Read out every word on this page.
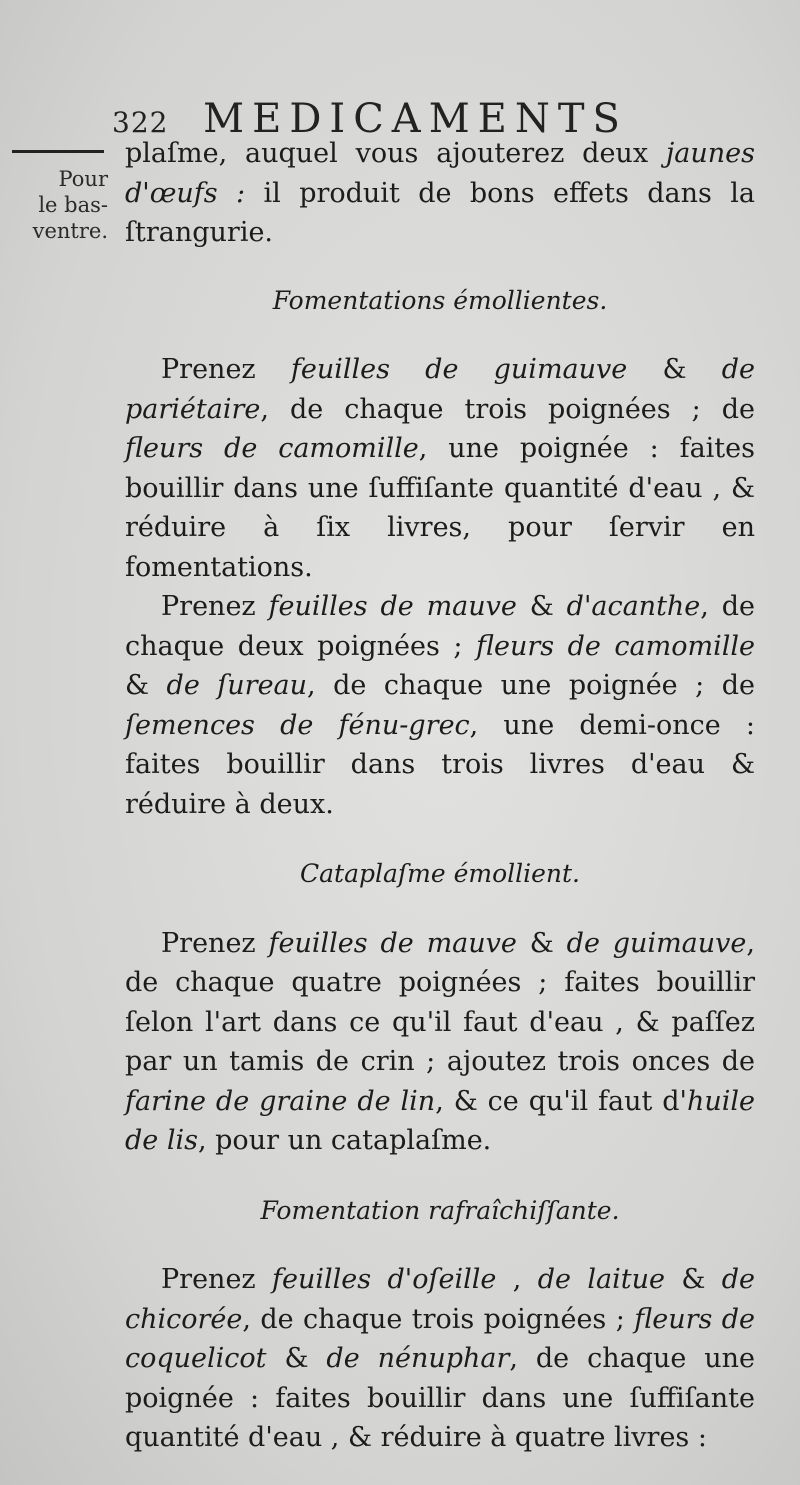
322 MEDICAMENTS
Pour
le bas-
ventre.

plaſme, auquel vous ajouterez deux jaunes d'œufs : il produit de bons effets dans la ſtrangurie.

Fomentations émollientes.

Prenez feuilles de guimauve & de pariétaire, de chaque trois poignées ; de fleurs de camomille, une poignée : faites bouillir dans une ſuffiſante quantité d'eau , & réduire à ſix livres, pour ſervir en fomentations.

Prenez feuilles de mauve & d'acanthe, de chaque deux poignées ; fleurs de camomille & de ſureau, de chaque une poignée ; de ſemences de fénu-grec, une demi-once : faites bouillir dans trois livres d'eau & réduire à deux.

Cataplaſme émollient.

Prenez feuilles de mauve & de guimauve, de chaque quatre poignées ; faites bouillir ſelon l'art dans ce qu'il faut d'eau , & paſſez par un tamis de crin ; ajoutez trois onces de farine de graine de lin, & ce qu'il faut d'huile de lis, pour un cataplaſme.

Fomentation rafraîchiſſante.

Prenez feuilles d'oſeille , de laitue & de chicorée, de chaque trois poignées ; fleurs de coquelicot & de nénuphar, de chaque une poignée : faites bouillir dans une ſuffiſante quantité d'eau , & réduire à quatre livres :
